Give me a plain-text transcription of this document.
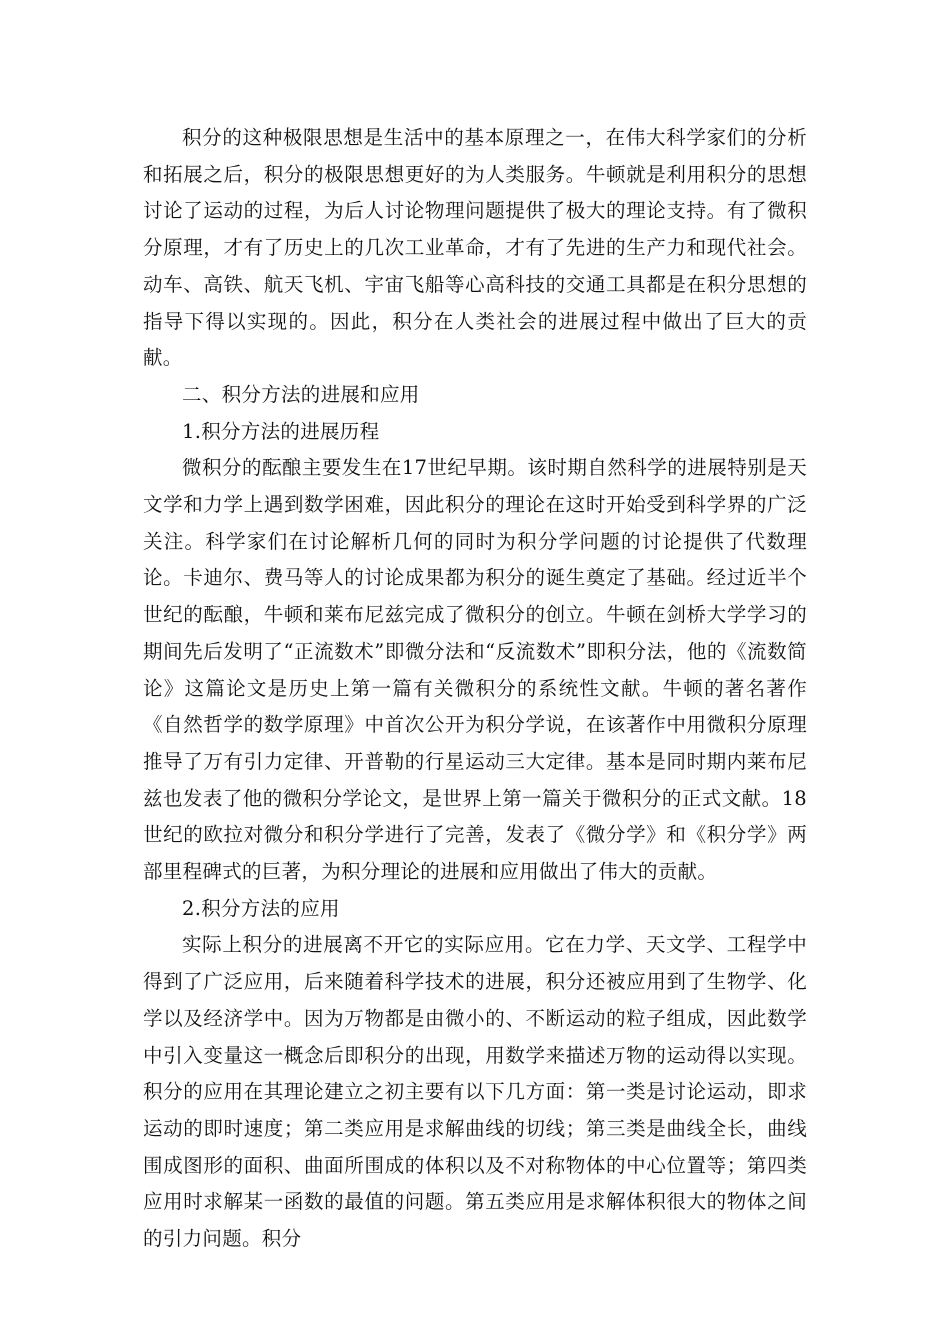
积分的这种极限思想是生活中的基本原理之一，在伟大科学家们的分析和拓展之后，积分的极限思想更好的为人类服务。牛顿就是利用积分的思想讨论了运动的过程，为后人讨论物理问题提供了极大的理论支持。有了微积分原理，才有了历史上的几次工业革命，才有了先进的生产力和现代社会。动车、高铁、航天飞机、宇宙飞船等心高科技的交通工具都是在积分思想的指导下得以实现的。因此，积分在人类社会的进展过程中做出了巨大的贡献。

二、积分方法的进展和应用

1.积分方法的进展历程

微积分的酝酿主要发生在17世纪早期。该时期自然科学的进展特别是天文学和力学上遇到数学困难，因此积分的理论在这时开始受到科学界的广泛关注。科学家们在讨论解析几何的同时为积分学问题的讨论提供了代数理论。卡迪尔、费马等人的讨论成果都为积分的诞生奠定了基础。经过近半个世纪的酝酿，牛顿和莱布尼兹完成了微积分的创立。牛顿在剑桥大学学习的期间先后发明了“正流数术”即微分法和“反流数术”即积分法，他的《流数简论》这篇论文是历史上第一篇有关微积分的系统性文献。牛顿的著名著作《自然哲学的数学原理》中首次公开为积分学说，在该著作中用微积分原理推导了万有引力定律、开普勒的行星运动三大定律。基本是同时期内莱布尼兹也发表了他的微积分学论文，是世界上第一篇关于微积分的正式文献。18世纪的欧拉对微分和积分学进行了完善，发表了《微分学》和《积分学》两部里程碑式的巨著，为积分理论的进展和应用做出了伟大的贡献。

2.积分方法的应用

实际上积分的进展离不开它的实际应用。它在力学、天文学、工程学中得到了广泛应用，后来随着科学技术的进展，积分还被应用到了生物学、化学以及经济学中。因为万物都是由微小的、不断运动的粒子组成，因此数学中引入变量这一概念后即积分的出现，用数学来描述万物的运动得以实现。积分的应用在其理论建立之初主要有以下几方面：第一类是讨论运动，即求运动的即时速度；第二类应用是求解曲线的切线；第三类是曲线全长，曲线围成图形的面积、曲面所围成的体积以及不对称物体的中心位置等；第四类应用时求解某一函数的最值的问题。第五类应用是求解体积很大的物体之间的引力问题。积分
